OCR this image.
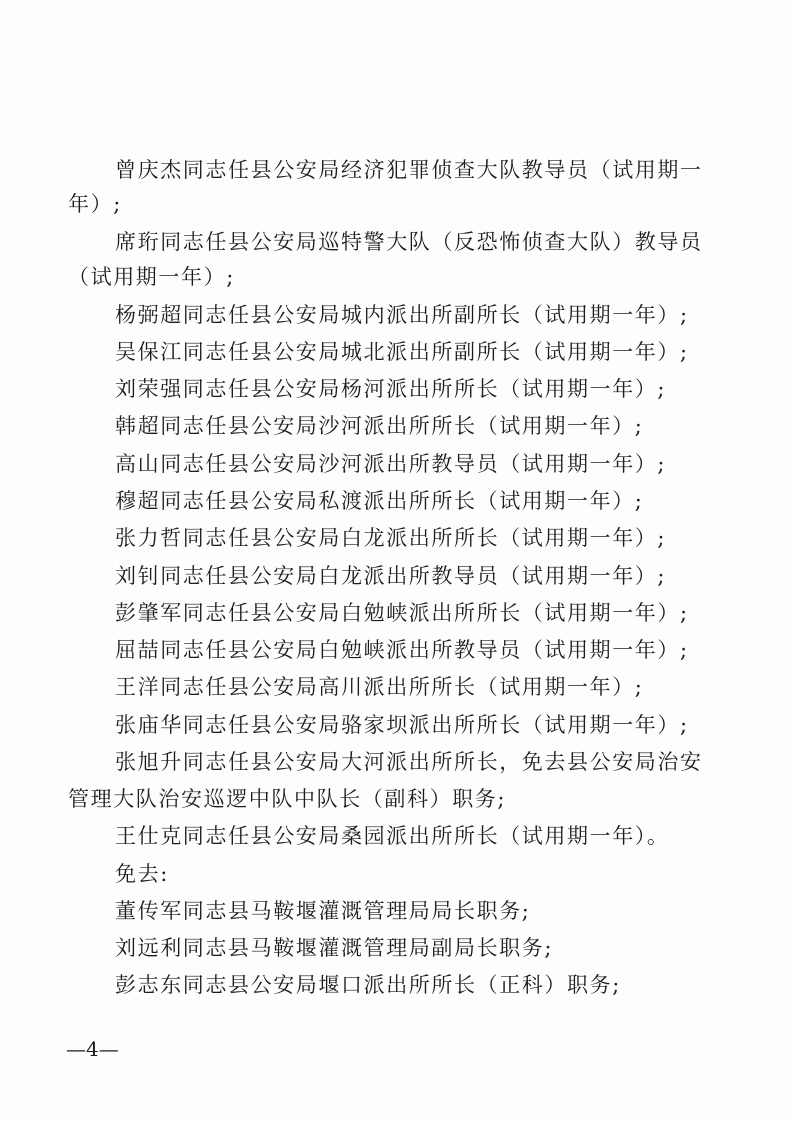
曾庆杰同志任县公安局经济犯罪侦查大队教导员（试用期一
年）;
席珩同志任县公安局巡特警大队（反恐怖侦查大队）教导员
（试用期一年）;
杨弼超同志任县公安局城内派出所副所长（试用期一年）;
吴保江同志任县公安局城北派出所副所长（试用期一年）;
刘荣强同志任县公安局杨河派出所所长（试用期一年）;
韩超同志任县公安局沙河派出所所长（试用期一年）;
高山同志任县公安局沙河派出所教导员（试用期一年）;
穆超同志任县公安局私渡派出所所长（试用期一年）;
张力哲同志任县公安局白龙派出所所长（试用期一年）;
刘钊同志任县公安局白龙派出所教导员（试用期一年）;
彭肇军同志任县公安局白勉峡派出所所长（试用期一年）;
屈喆同志任县公安局白勉峡派出所教导员（试用期一年）;
王洋同志任县公安局高川派出所所长（试用期一年）;
张庙华同志任县公安局骆家坝派出所所长（试用期一年）;
张旭升同志任县公安局大河派出所所长，免去县公安局治安
管理大队治安巡逻中队中队长（副科）职务;
王仕克同志任县公安局桑园派出所所长（试用期一年）。
免去:
董传军同志县马鞍堰灌溉管理局局长职务;
刘远利同志县马鞍堰灌溉管理局副局长职务;
彭志东同志县公安局堰口派出所所长（正科）职务;
—4—
